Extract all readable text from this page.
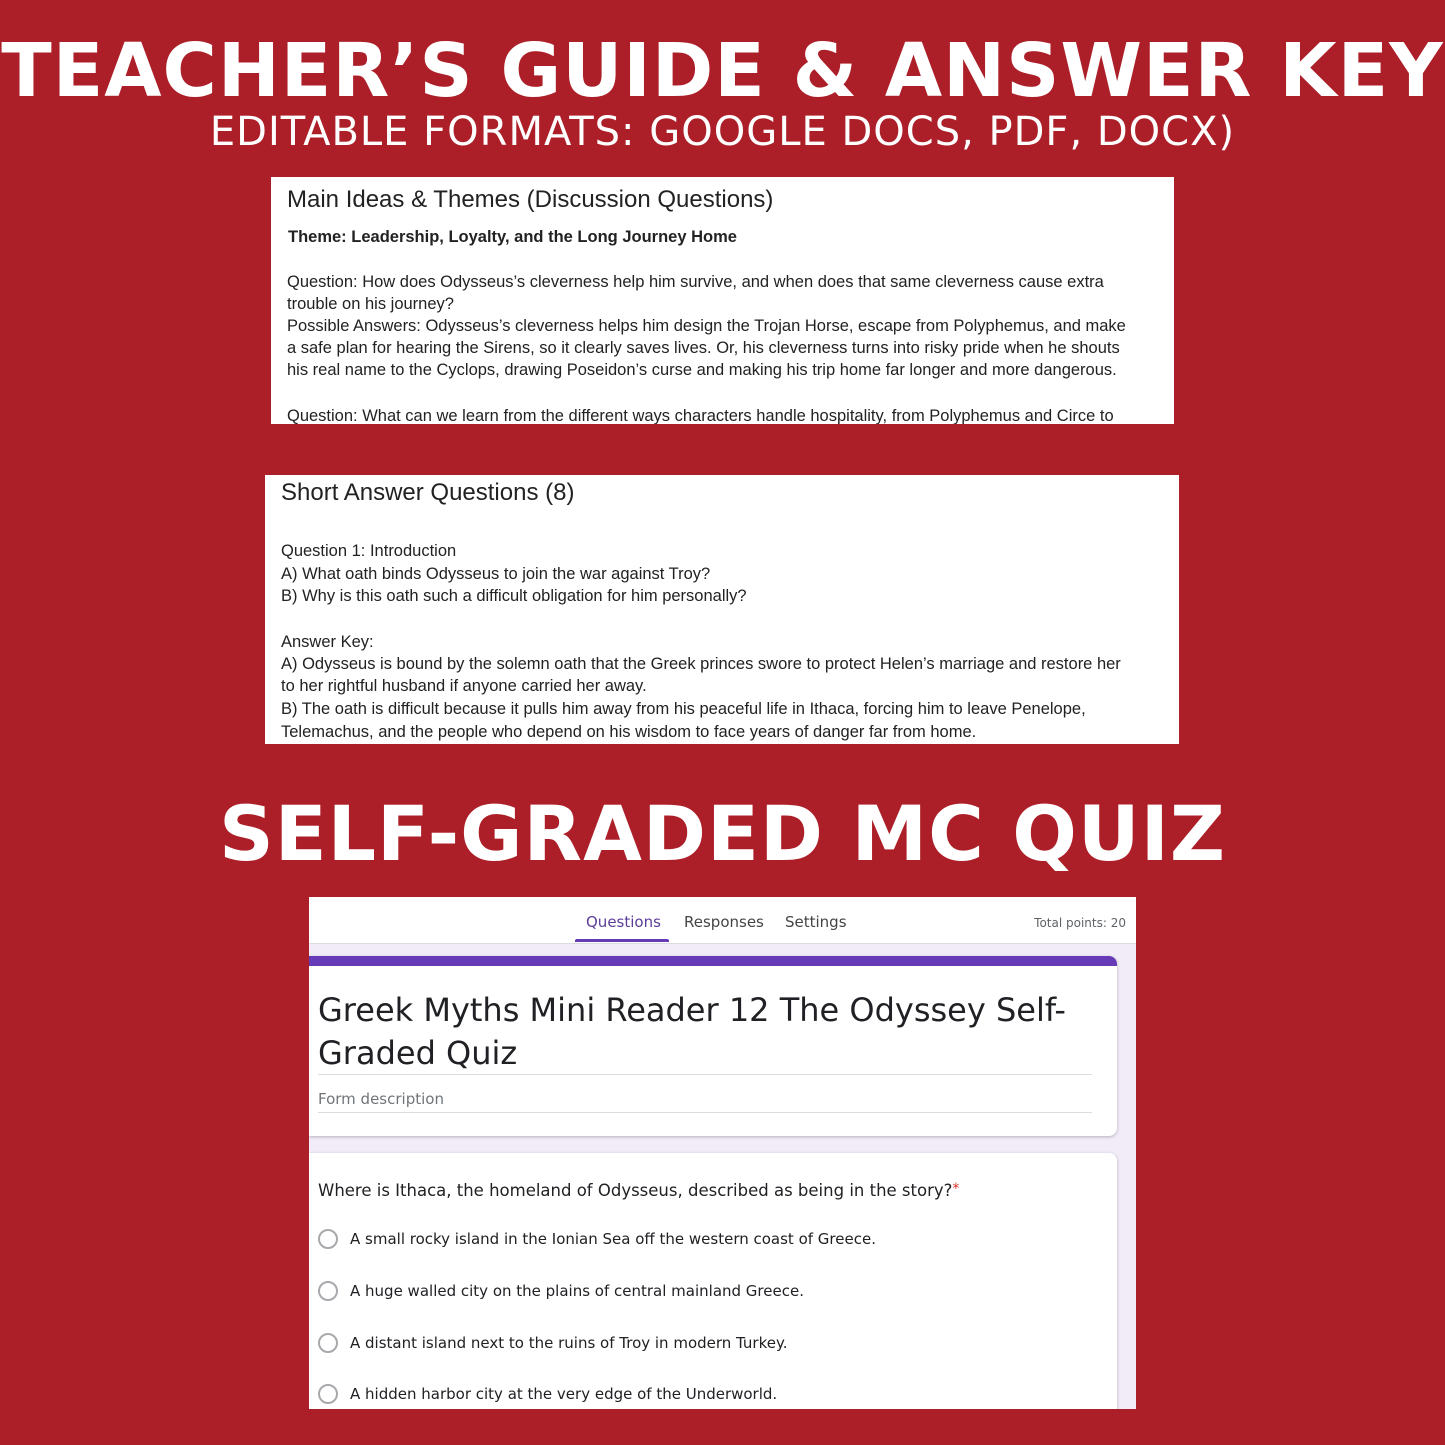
TEACHER’S GUIDE & ANSWER KEY
EDITABLE FORMATS: GOOGLE DOCS, PDF, DOCX)
Main Ideas & Themes (Discussion Questions)
Theme: Leadership, Loyalty, and the Long Journey Home
Question: How does Odysseus’s cleverness help him survive, and when does that same cleverness cause extra
trouble on his journey?
Possible Answers: Odysseus’s cleverness helps him design the Trojan Horse, escape from Polyphemus, and make
a safe plan for hearing the Sirens, so it clearly saves lives. Or, his cleverness turns into risky pride when he shouts
his real name to the Cyclops, drawing Poseidon’s curse and making his trip home far longer and more dangerous.
Question: What can we learn from the different ways characters handle hospitality, from Polyphemus and Circe to
Short Answer Questions (8)
Question 1: Introduction
A) What oath binds Odysseus to join the war against Troy?
B) Why is this oath such a difficult obligation for him personally?
Answer Key:
A) Odysseus is bound by the solemn oath that the Greek princes swore to protect Helen’s marriage and restore her
to her rightful husband if anyone carried her away.
B) The oath is difficult because it pulls him away from his peaceful life in Ithaca, forcing him to leave Penelope,
Telemachus, and the people who depend on his wisdom to face years of danger far from home.
SELF-GRADED MC QUIZ
Questions Responses Settings	Total points: 20
Greek Myths Mini Reader 12 The Odyssey Self-Graded Quiz
Form description
Where is Ithaca, the homeland of Odysseus, described as being in the story?*
A small rocky island in the Ionian Sea off the western coast of Greece.
A huge walled city on the plains of central mainland Greece.
A distant island next to the ruins of Troy in modern Turkey.
A hidden harbor city at the very edge of the Underworld.
